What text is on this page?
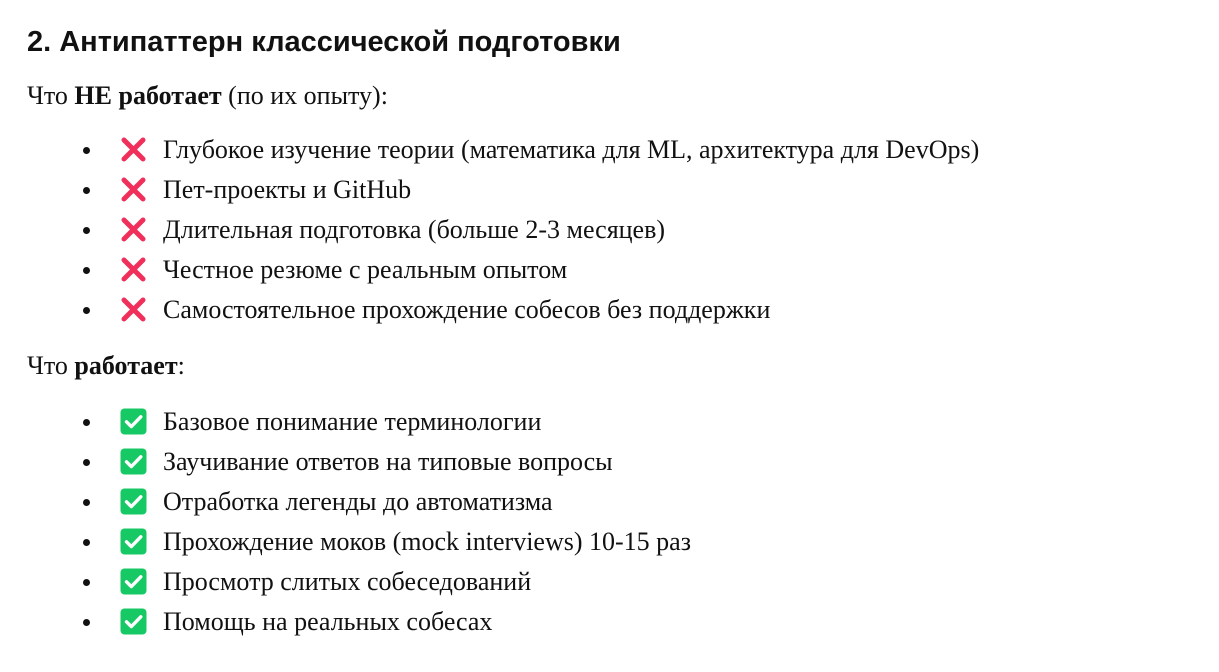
2. Антипаттерн классической подготовки

Что НЕ работает (по их опыту):

Глубокое изучение теории (математика для ML, архитектура для DevOps)
Пет-проекты и GitHub
Длительная подготовка (больше 2-3 месяцев)
Честное резюме с реальным опытом
Самостоятельное прохождение собесов без поддержки

Что работает:

Базовое понимание терминологии
Заучивание ответов на типовые вопросы
Отработка легенды до автоматизма
Прохождение моков (mock interviews) 10-15 раз
Просмотр слитых собеседований
Помощь на реальных собесах
